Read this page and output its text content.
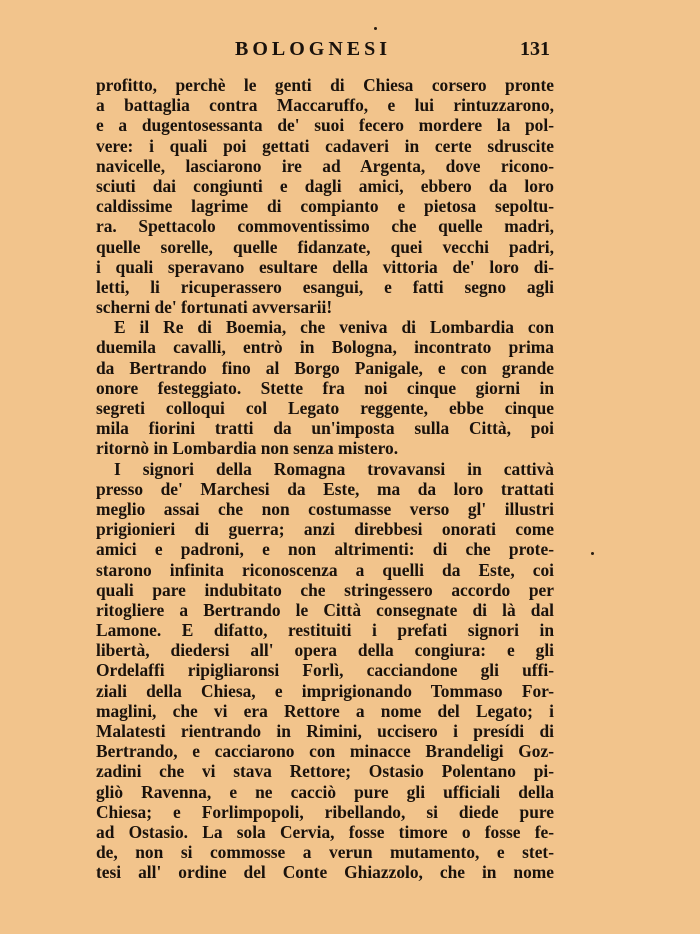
BOLOGNESI	131
profitto, perchè le genti di Chiesa corsero pronte
a battaglia contra Maccaruffo, e lui rintuzzarono,
e a dugentosessanta de' suoi fecero mordere la pol-
vere: i quali poi gettati cadaveri in certe sdruscite
navicelle, lasciarono ire ad Argenta, dove ricono-
sciuti dai congiunti e dagli amici, ebbero da loro
caldissime lagrime di compianto e pietosa sepoltu-
ra. Spettacolo commoventissimo che quelle madri,
quelle sorelle, quelle fidanzate, quei vecchi padri,
i quali speravano esultare della vittoria de' loro di-
letti, li ricuperassero esangui, e fatti segno agli
scherni de' fortunati avversarii!
E il Re di Boemia, che veniva di Lombardia con
duemila cavalli, entrò in Bologna, incontrato prima
da Bertrando fino al Borgo Panigale, e con grande
onore festeggiato. Stette fra noi cinque giorni in
segreti colloqui col Legato reggente, ebbe cinque
mila fiorini tratti da un'imposta sulla Città, poi
ritornò in Lombardia non senza mistero.
I signori della Romagna trovavansi in cattivà
presso de' Marchesi da Este, ma da loro trattati
meglio assai che non costumasse verso gl' illustri
prigionieri di guerra; anzi direbbesi onorati come
amici e padroni, e non altrimenti: di che prote-
starono infinita riconoscenza a quelli da Este, coi
quali pare indubitato che stringessero accordo per
ritogliere a Bertrando le Città consegnate di là dal
Lamone. E difatto, restituiti i prefati signori in
libertà, diedersi all' opera della congiura: e gli
Ordelaffi ripigliaronsi Forlì, cacciandone gli uffi-
ziali della Chiesa, e imprigionando Tommaso For-
maglini, che vi era Rettore a nome del Legato; i
Malatesti rientrando in Rimini, uccisero i presídi di
Bertrando, e cacciarono con minacce Brandeligi Goz-
zadini che vi stava Rettore; Ostasio Polentano pi-
gliò Ravenna, e ne cacciò pure gli ufficiali della
Chiesa; e Forlimpopoli, ribellando, si diede pure
ad Ostasio. La sola Cervia, fosse timore o fosse fe-
de, non si commosse a verun mutamento, e stet-
tesi all' ordine del Conte Ghiazzolo, che in nome
